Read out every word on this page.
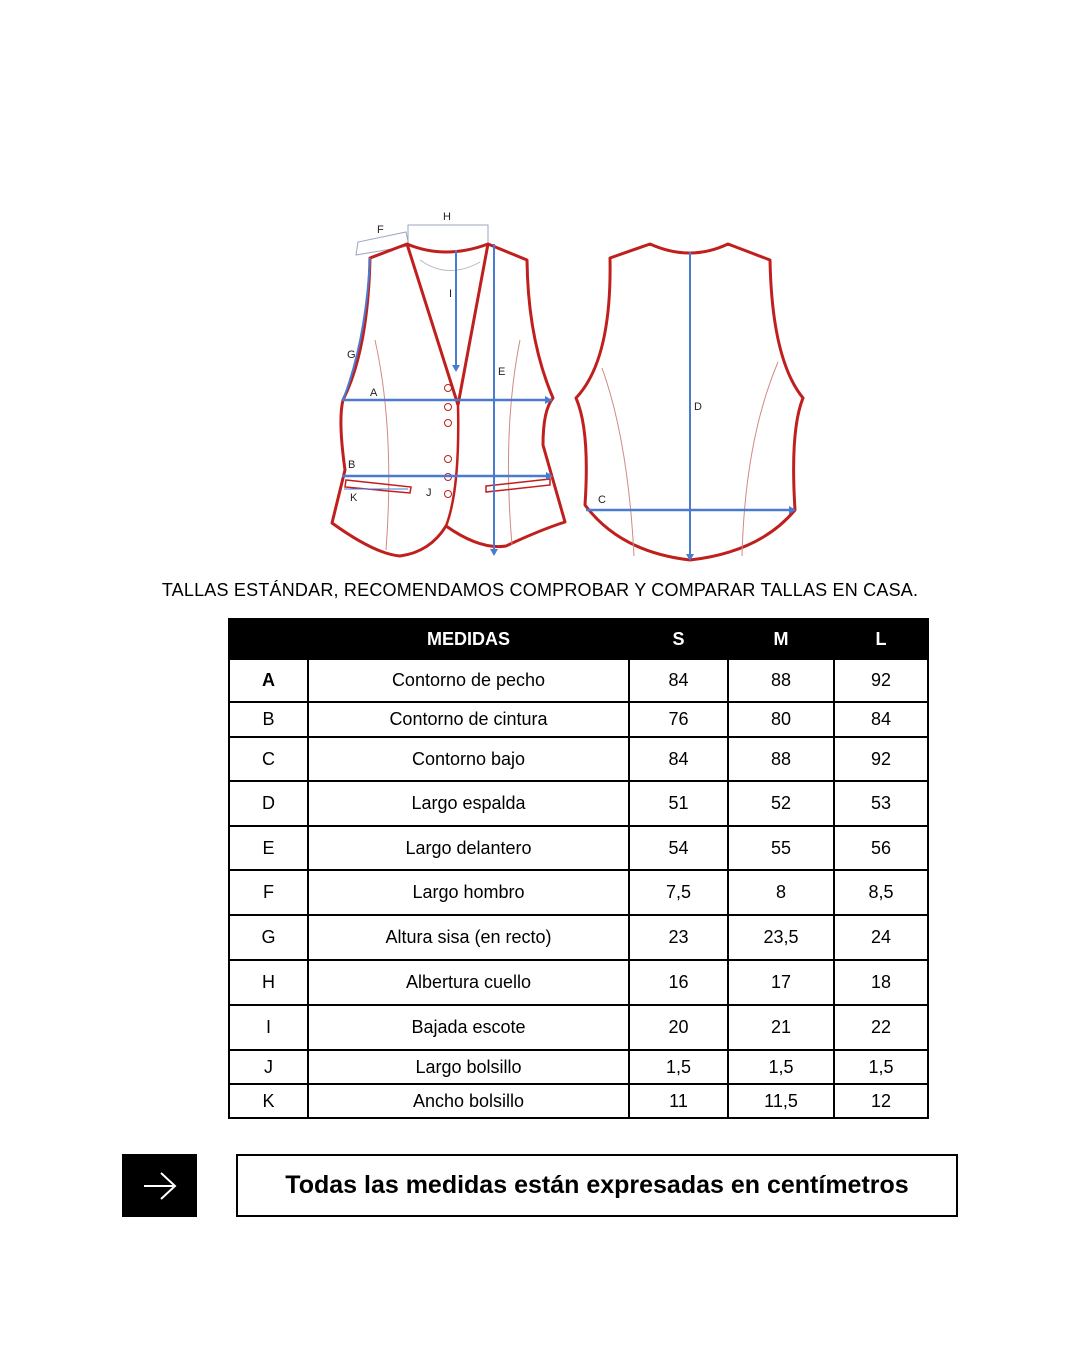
A
B
E
F
G
H
I
J
K	C
D
TALLAS ESTÁNDAR, RECOMENDAMOS COMPROBAR Y COMPARAR TALLAS EN CASA.
	MEDIDAS	S	M	L
A	Contorno de pecho	84	88	92
B	Contorno de cintura	76	80	84
C	Contorno bajo	84	88	92
D	Largo espalda	51	52	53
E	Largo delantero	54	55	56
F	Largo hombro	7,5	8	8,5
G	Altura sisa (en recto)	23	23,5	24
H	Albertura cuello	16	17	18
I	Bajada escote	20	21	22
J	Largo bolsillo	1,5	1,5	1,5
K	Ancho bolsillo	11	11,5	12
Todas las medidas están expresadas en centímetros
